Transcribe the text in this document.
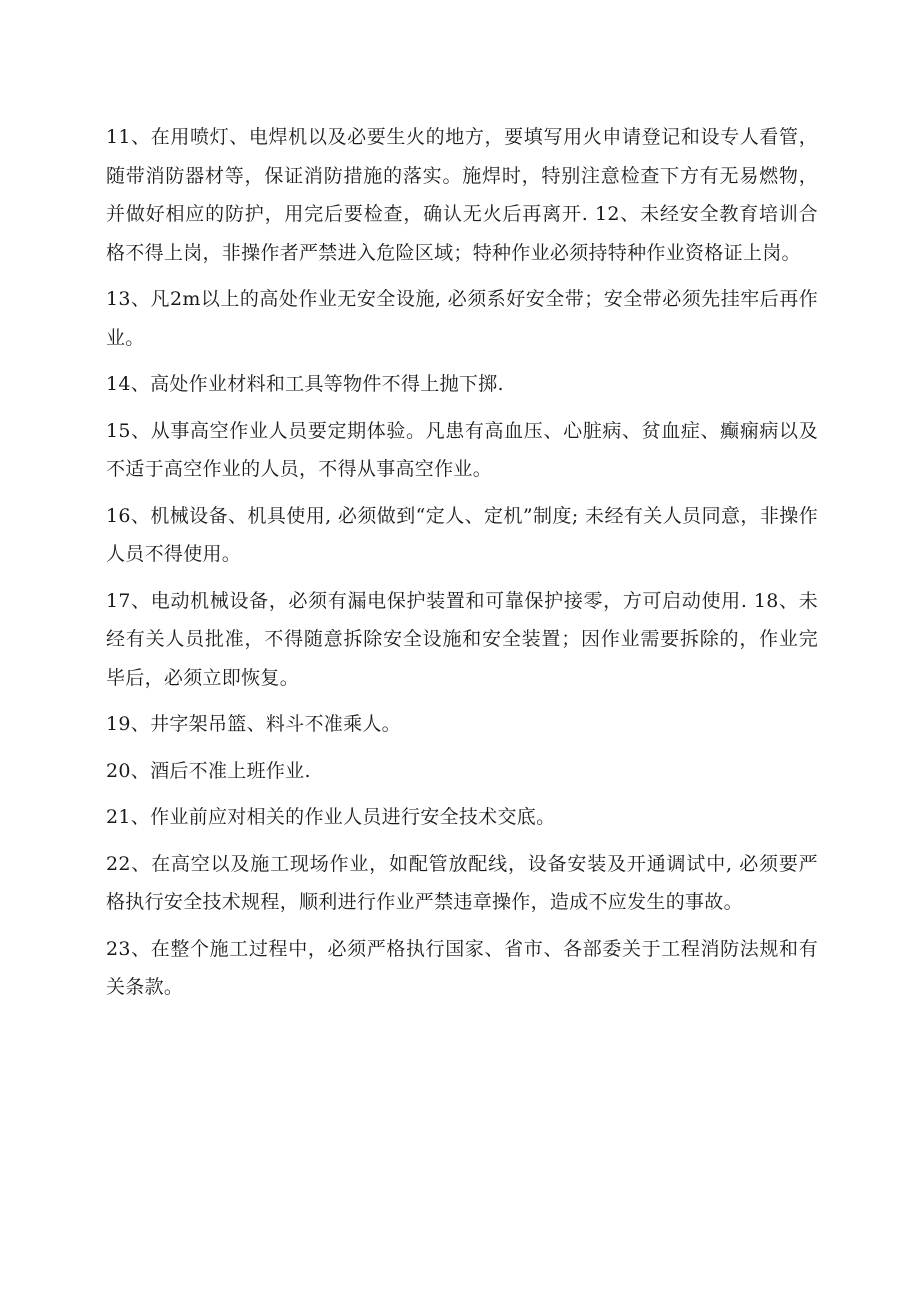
11、在用喷灯、电焊机以及必要生火的地方，要填写用火申请登记和设专人看管，随带消防器材等，保证消防措施的落实。施焊时，特别注意检查下方有无易燃物，并做好相应的防护，用完后要检查，确认无火后再离开. 12、未经安全教育培训合格不得上岗，非操作者严禁进入危险区域；特种作业必须持特种作业资格证上岗。

13、凡2m以上的高处作业无安全设施, 必须系好安全带；安全带必须先挂牢后再作业。

14、高处作业材料和工具等物件不得上抛下掷.

15、从事高空作业人员要定期体验。凡患有高血压、心脏病、贫血症、癫痫病以及不适于高空作业的人员，不得从事高空作业。

16、机械设备、机具使用, 必须做到“定人、定机”制度; 未经有关人员同意，非操作人员不得使用。

17、电动机械设备，必须有漏电保护装置和可靠保护接零，方可启动使用. 18、未经有关人员批准，不得随意拆除安全设施和安全装置；因作业需要拆除的，作业完毕后，必须立即恢复。

19、井字架吊篮、料斗不准乘人。

20、酒后不准上班作业.

21、作业前应对相关的作业人员进行安全技术交底。

22、在高空以及施工现场作业，如配管放配线，设备安装及开通调试中, 必须要严格执行安全技术规程，顺利进行作业严禁违章操作，造成不应发生的事故。

23、在整个施工过程中，必须严格执行国家、省市、各部委关于工程消防法规和有关条款。
